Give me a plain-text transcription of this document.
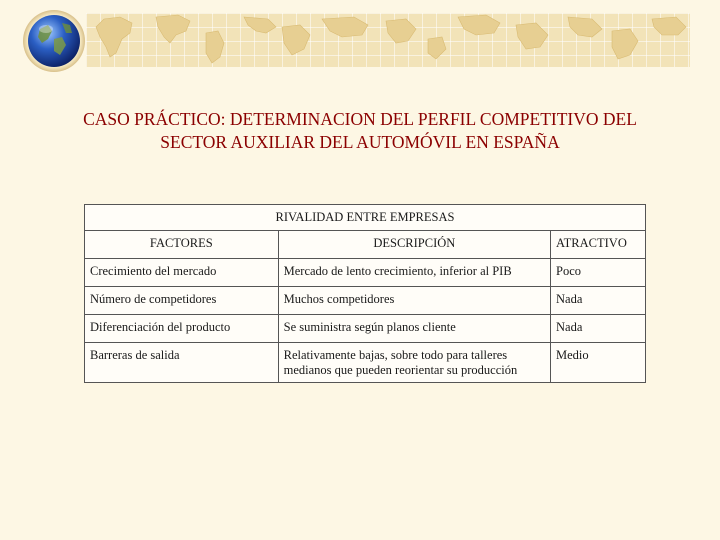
CASO PRÁCTICO: DETERMINACION DEL PERFIL COMPETITIVO DEL
SECTOR AUXILIAR DEL AUTOMÓVIL EN ESPAÑA
RIVALIDAD ENTRE EMPRESAS		
FACTORES	DESCRIPCIÓN	ATRACTIVO
Crecimiento del mercado	Mercado de lento crecimiento, inferior al PIB	Poco
Número de competidores	Muchos competidores	Nada
Diferenciación del producto	Se suministra según planos cliente	Nada
Barreras de salida	Relativamente bajas, sobre todo para talleres medianos que pueden reorientar su producción	Medio
